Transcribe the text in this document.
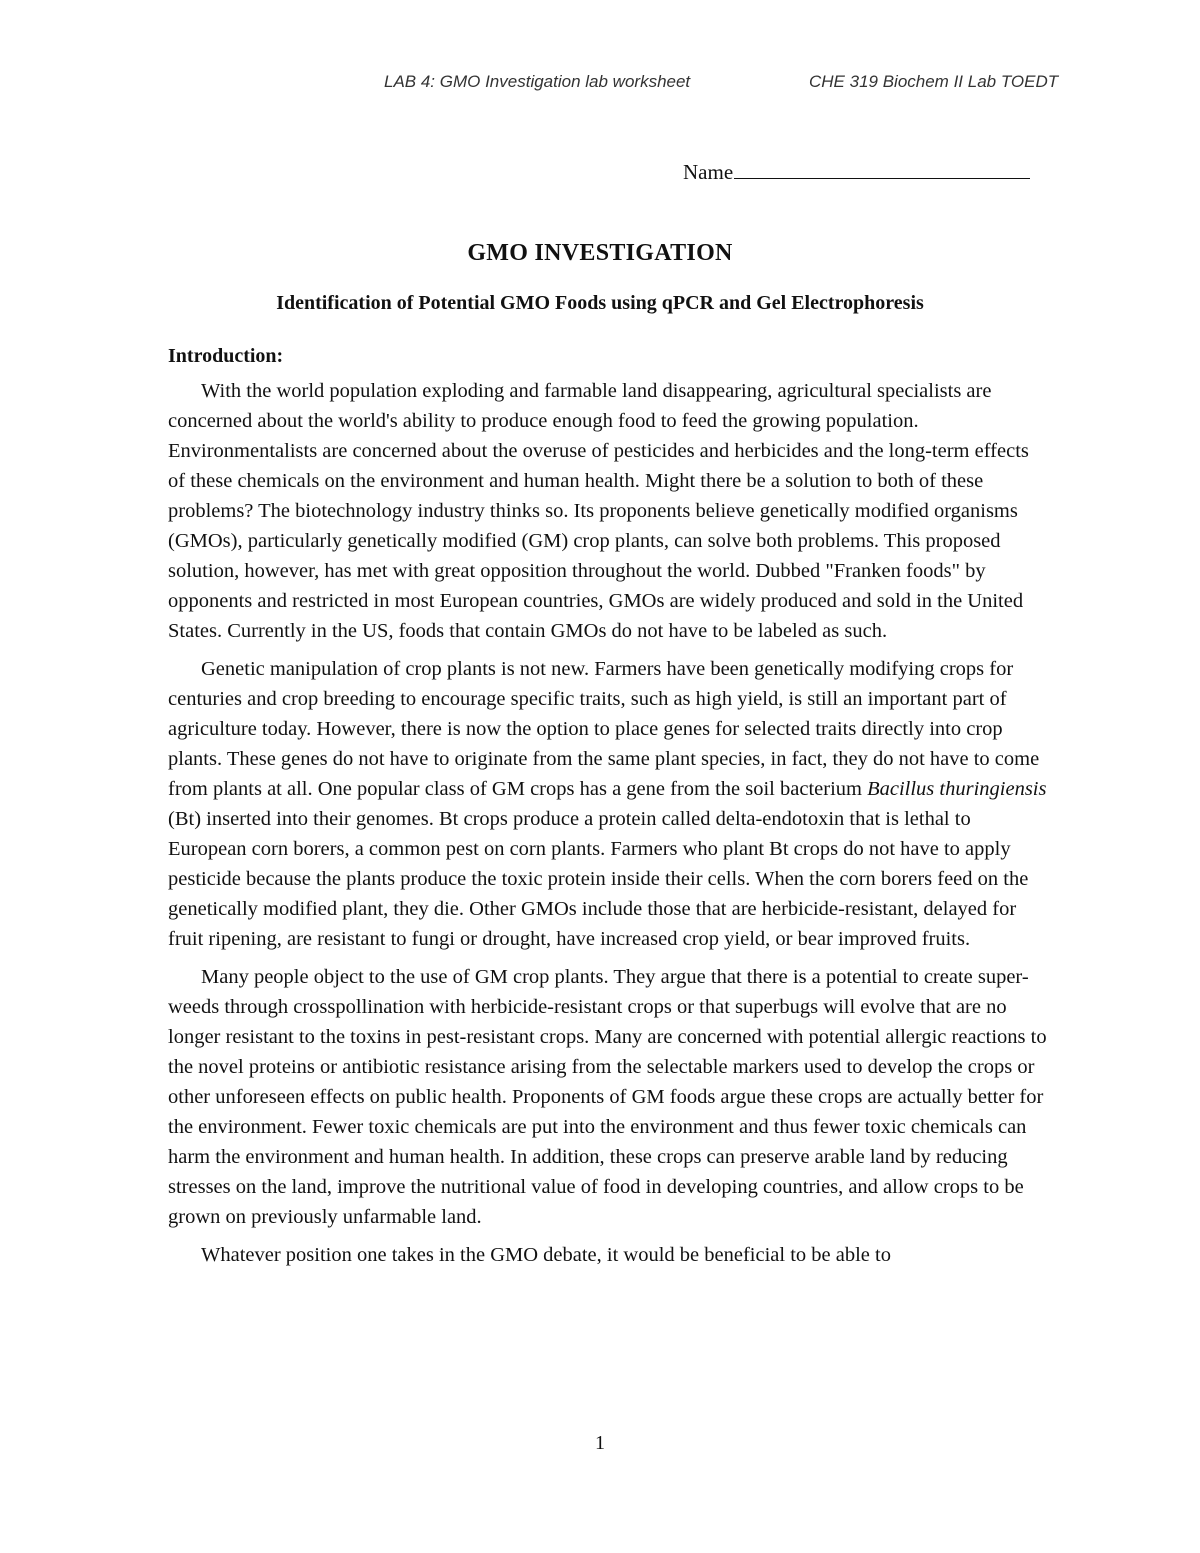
LAB 4: GMO Investigation lab worksheet	CHE 319 Biochem II Lab TOEDT
Name
GMO INVESTIGATION
Identification of Potential GMO Foods using qPCR and Gel Electrophoresis
Introduction:

With the world population exploding and farmable land disappearing, agricultural specialists are concerned about the world's ability to produce enough food to feed the growing population. Environmentalists are concerned about the overuse of pesticides and herbicides and the long-term effects of these chemicals on the environment and human health. Might there be a solution to both of these problems? The biotechnology industry thinks so. Its proponents believe genetically modified organisms (GMOs), particularly genetically modified (GM) crop plants, can solve both problems. This proposed solution, however, has met with great opposition throughout the world. Dubbed "Franken foods" by opponents and restricted in most European countries, GMOs are widely produced and sold in the United States. Currently in the US, foods that contain GMOs do not have to be labeled as such.

Genetic manipulation of crop plants is not new. Farmers have been genetically modifying crops for centuries and crop breeding to encourage specific traits, such as high yield, is still an important part of agriculture today. However, there is now the option to place genes for selected traits directly into crop plants. These genes do not have to originate from the same plant species, in fact, they do not have to come from plants at all. One popular class of GM crops has a gene from the soil bacterium Bacillus thuringiensis (Bt) inserted into their genomes. Bt crops produce a protein called delta-endotoxin that is lethal to European corn borers, a common pest on corn plants. Farmers who plant Bt crops do not have to apply pesticide because the plants produce the toxic protein inside their cells. When the corn borers feed on the genetically modified plant, they die. Other GMOs include those that are herbicide-resistant, delayed for fruit ripening, are resistant to fungi or drought, have increased crop yield, or bear improved fruits.

Many people object to the use of GM crop plants. They argue that there is a potential to create super-weeds through crosspollination with herbicide-resistant crops or that superbugs will evolve that are no longer resistant to the toxins in pest-resistant crops. Many are concerned with potential allergic reactions to the novel proteins or antibiotic resistance arising from the selectable markers used to develop the crops or other unforeseen effects on public health. Proponents of GM foods argue these crops are actually better for the environment. Fewer toxic chemicals are put into the environment and thus fewer toxic chemicals can harm the environment and human health. In addition, these crops can preserve arable land by reducing stresses on the land, improve the nutritional value of food in developing countries, and allow crops to be grown on previously unfarmable land.

Whatever position one takes in the GMO debate, it would be beneficial to be able to

1
